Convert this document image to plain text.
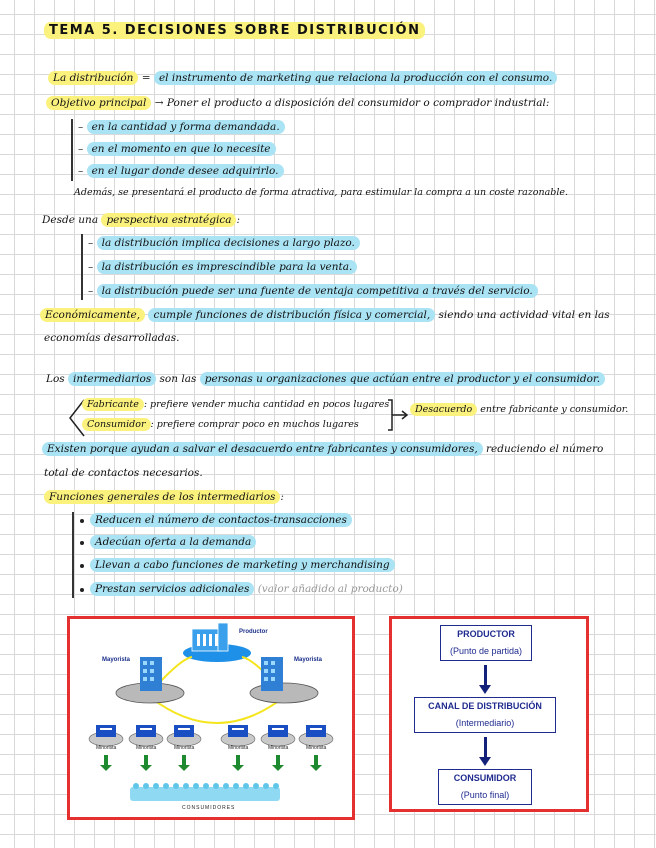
TEMA 5. DECISIONES SOBRE DISTRIBUCIÓN
La distribución = el instrumento de marketing que relaciona la producción con el consumo.
Objetivo principal → Poner el producto a disposición del consumidor o comprador industrial:
– en la cantidad y forma demandada.
– en el momento en que lo necesite
– en el lugar donde desee adquirirlo.
Además, se presentará el producto de forma atractiva, para estimular la compra a un coste razonable.
Desde una perspectiva estratégica :
– la distribución implica decisiones a largo plazo.
– la distribución es imprescindible para la venta.
– la distribución puede ser una fuente de ventaja competitiva a través del servicio.
Económicamente, cumple funciones de distribución física y comercial, siendo una actividad vital en las
economías desarrolladas.
Los intermediarios son las personas u organizaciones que actúan entre el productor y el consumidor.
Fabricante : prefiere vender mucha cantidad en pocos lugares
Consumidor : prefiere comprar poco en muchos lugares
Desacuerdo entre fabricante y consumidor.
Existen porque ayudan a salvar el desacuerdo entre fabricantes y consumidores, reduciendo el número
total de contactos necesarios.
Funciones generales de los intermediarios :
Reducen el número de contactos-transacciones
Adecúan oferta a la demanda
Llevan a cabo funciones de marketing y merchandising
Prestan servicios adicionales (valor añadido al producto)
Productor
Mayorista	Mayorista
Minorista	Minorista	Minorista	Minorista	Minorista	Minorista
CONSUMIDORES
PRODUCTOR
(Punto de partida)
CANAL DE DISTRIBUCIÓN
(Intermediario)
CONSUMIDOR
(Punto final)
